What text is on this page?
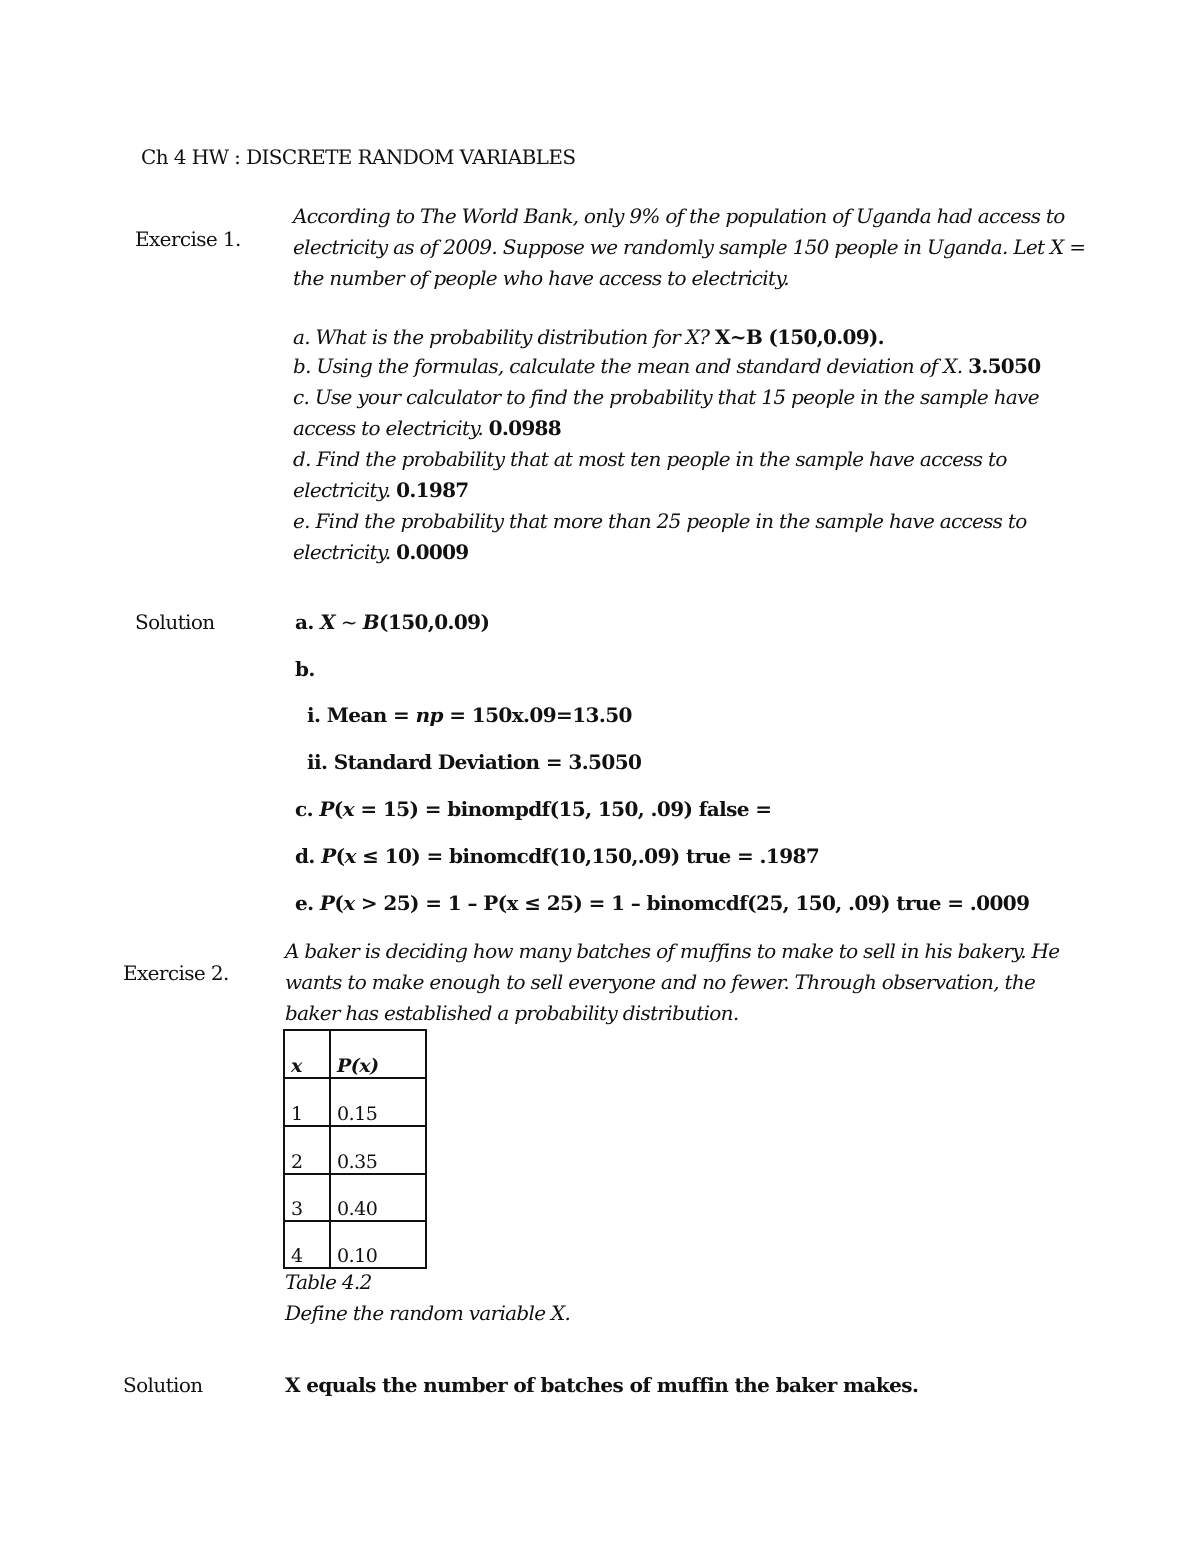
Ch 4 HW : DISCRETE RANDOM VARIABLES
Exercise 1.
According to The World Bank, only 9% of the population of Uganda had access to
electricity as of 2009. Suppose we randomly sample 150 people in Uganda. Let X =
the number of people who have access to electricity.
a. What is the probability distribution for X? X~B (150,0.09).
b. Using the formulas, calculate the mean and standard deviation of X. 3.5050
c. Use your calculator to find the probability that 15 people in the sample have
access to electricity. 0.0988
d. Find the probability that at most ten people in the sample have access to
electricity. 0.1987
e. Find the probability that more than 25 people in the sample have access to
electricity. 0.0009
Solution	a. X ~ B(150,0.09)
b.
i. Mean = np = 150x.09=13.50
ii. Standard Deviation = 3.5050
c. P(x = 15) = binompdf(15, 150, .09) false =
d. P(x ≤ 10) = binomcdf(10,150,.09) true = .1987
e. P(x > 25) = 1 – P(x ≤ 25) = 1 – binomcdf(25, 150, .09) true = .0009
Exercise 2.
A baker is deciding how many batches of muffins to make to sell in his bakery. He
wants to make enough to sell everyone and no fewer. Through observation, the
baker has established a probability distribution.
x	P(x)
1	0.15
2	0.35
3	0.40
4	0.10
Table 4.2
Define the random variable X.
Solution	X equals the number of batches of muffin the baker makes.
